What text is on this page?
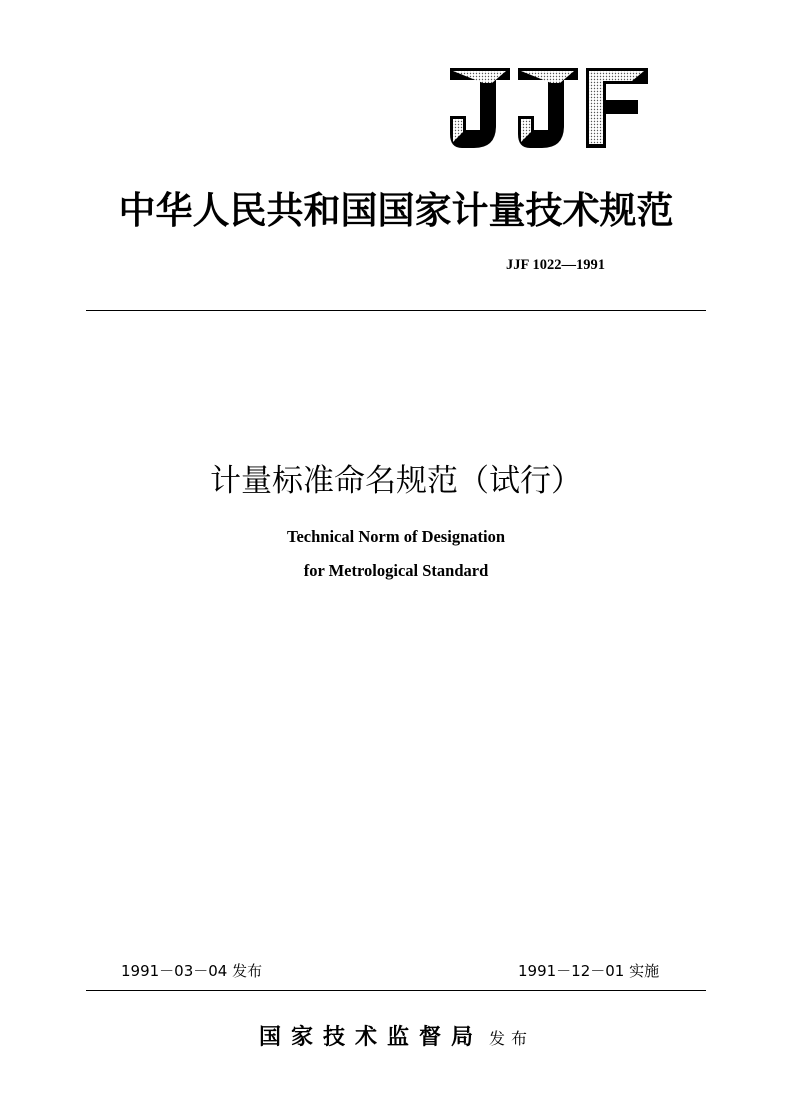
中华人民共和国国家计量技术规范
JJF 1022—1991
计量标准命名规范（试行）
Technical Norm of Designation
for Metrological Standard
1991－03－04 发布	1991－12－01 实施
国家技术监督局 发布
